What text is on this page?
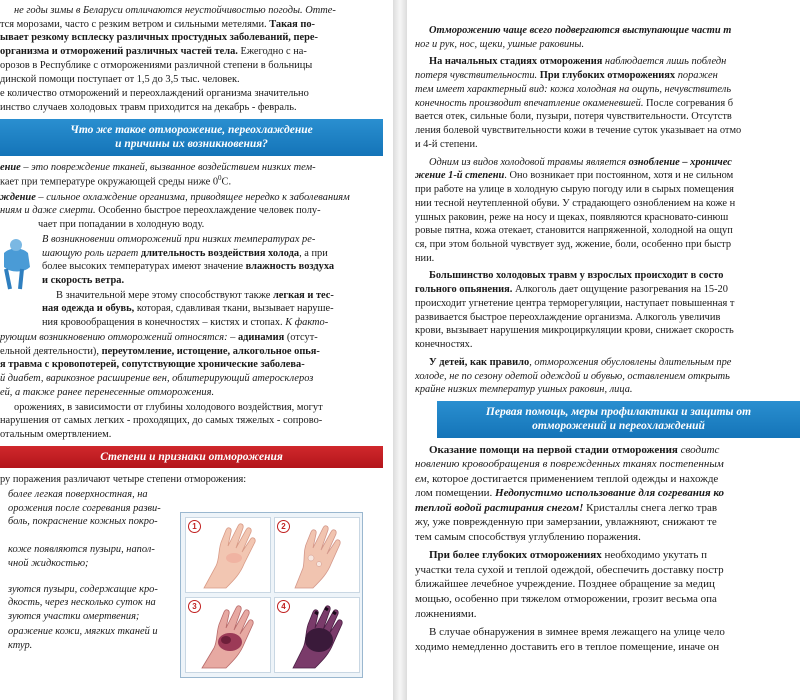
не годы зимы в Беларуси отличаются неустойчивостью погоды. Отте-
тся морозами, часто с резким ветром и сильными метелями. Такая по-
ывает резкому всплеску различных простудных заболеваний, пере-
организма и отморожений различных частей тела. Ежегодно с на-
орозов в Республике с отморожениями различной степени в больницы
динской помощи поступает от 1,5 до 3,5 тыс. человек.

е количество отморожений и переохлаждений организма значительно
инство случаев холодовых травм приходится на декабрь - февраль.

Что же такое отморожение, переохлаждение
и причины их возникновения?

ение – это повреждение тканей, вызванное воздействием низких тем-
кает при температуре окружающей среды ниже $0^0С$.

ждение – сильное охлаждение организма, приводящее нередко к заболеваниям
ниям и даже смерти. Особенно быстрое переохлаждение человек полу-
чает при попадании в холодную воду.

В возникновении отморожений при низких температурах ре-
шающую роль играет длительность воздействия холода, а при
более высоких температурах имеют значение влажность воздуха
и скорость ветра.

В значительной мере этому способствуют также легкая и тес-
ная одежда и обувь, которая, сдавливая ткани, вызывает наруше-
ния кровообращения в конечностях – кистях и стопах. К факто-

рующим возникновению отморожений относятся: – адинамия (отсут-
ельной деятельности), переутомление, истощение, алкогольное опья-
я травма с кровопотерей, сопутствующие хронические заболева-
й диабет, варикозное расширение вен, облитерирующий атеросклероз
ей, а также ранее перенесенные отморожения.

орожениях, в зависимости от глубины холодового воздействия, могут
нарушения от самых легких - проходящих, до самых тяжелых - сопрово-
отальным омертвлением.

Степени и признаки отморожения

ру поражения различают четыре степени отморожения:

более легкая поверхностная, на
орожения после согревания разви-
боль, покраснение кожных покро-

коже появляются пузыри, напол-
чной жидкостью;

зуются пузыри, содержащие кро-
дкость, через несколько суток на
зуются участки омертвения;

оражение кожи, мягких тканей и
ктур.

1	2
3	4

Отморожению чаще всего подвергаются выступающие части т
ног и рук, нос, щеки, ушные раковины.

На начальных стадиях отморожения наблюдается лишь побледн
потеря чувствительности. При глубоких отморожениях поражен
тем имеет характерный вид: кожа холодная на ощупь, нечувствитель
конечность производит впечатление окаменевшей. После согревания б
вается отек, сильные боли, пузыри, потеря чувствительности. Отсутств
ления болевой чувствительности кожи в течение суток указывает на отмо
и 4-й степени.

Одним из видов холодовой травмы является ознобление – хроничес
жение 1-й степени. Оно возникает при постоянном, хотя и не сильном
при работе на улице в холодную сырую погоду или в сырых помещения
нии тесной неутепленной обуви. У страдающего ознoблением на коже н
ушных раковин, реже на носу и щеках, появляются красновато-синюш
ровые пятна, кожа отекает, становится напряженной, холодной на ощуп
ся, при этом больной чувствует зуд, жжение, боли, особенно при быстр
нии.

Большинство холодовых травм у взрослых происходит в состо
гольного опьянения. Алкоголь дает ощущение разогревания на 15-20
происходит угнетение центра терморегуляции, наступает повышенная т
развивается быстрое переохлаждение организма. Алкоголь увеличив
крови, вызывает нарушения микроциркуляции крови, снижает скорость
конечностях.

У детей, как правило, отморожения обусловлены длительным пре
холоде, не по сезону одетой одеждой и обувью, оставлением открыть
крайне низких температур ушных раковин, лица.

Первая помощь, меры профилактики и защиты от
отморожений и переохлаждений

Оказание помощи на первой стадии отморожения сводитс
новлению кровообращения в поврежденных тканях постепенным
ем, которое достигается применением теплой одежды и нахожде
лом помещении. Недопустимо использование для согревания ко
теплой водой растирания снегом! Кристаллы снега легко трав
жу, уже поврежденную при замерзании, увлажняют, снижают те
тем самым способствуя углублению поражения.

При более глубоких отморожениях необходимо укутать п
участки тела сухой и теплой одеждой, обеспечить доставку постр
ближайшее лечебное учреждение. Позднее обращение за медиц
мощью, особенно при тяжелом отморожении, грозит весьма опа
ложнениями.

В случае обнаружения в зимнее время лежащего на улице чело
ходимо немедленно доставить его в теплое помещение, иначе он
